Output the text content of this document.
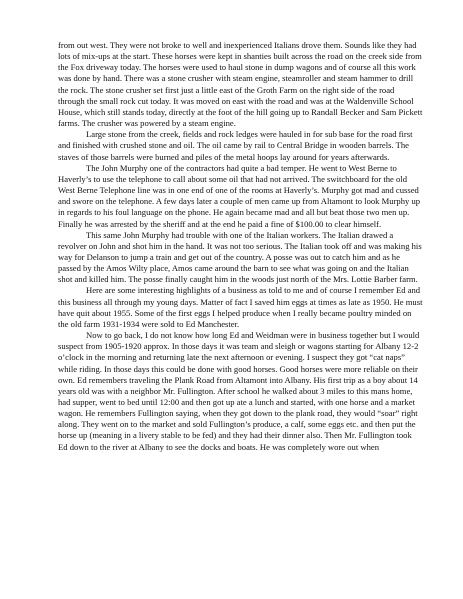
from out west. They were not broke to well and inexperienced Italians drove them. Sounds like they had lots of mix-ups at the start. These horses were kept in shanties built across the road on the creek side from the Fox driveway today. The horses were used to haul stone in dump wagons and of course all this work was done by hand. There was a stone crusher with steam engine, steamroller and steam hammer to drill the rock. The stone crusher set first just a little east of the Groth Farm on the right side of the road through the small rock cut today. It was moved on east with the road and was at the Waldenville School House, which still stands today, directly at the foot of the hill going up to Randall Becker and Sam Pickett farms. The crusher was powered by a steam engine.

Large stone from the creek, fields and rock ledges were hauled in for sub base for the road first and finished with crushed stone and oil. The oil came by rail to Central Bridge in wooden barrels. The staves of those barrels were burned and piles of the metal hoops lay around for years afterwards.

The John Murphy one of the contractors had quite a bad temper. He went to West Berne to Haverly’s to use the telephone to call about some oil that had not arrived. The switchboard for the old West Berne Telephone line was in one end of one of the rooms at Haverly’s. Murphy got mad and cussed and swore on the telephone. A few days later a couple of men came up from Altamont to look Murphy up in regards to his foul language on the phone. He again became mad and all but beat those two men up. Finally he was arrested by the sheriff and at the end he paid a fine of $100.00 to clear himself.

This same John Murphy had trouble with one of the Italian workers. The Italian drawed a revolver on John and shot him in the hand. It was not too serious. The Italian took off and was making his way for Delanson to jump a train and get out of the country. A posse was out to catch him and as he passed by the Amos Wilty place, Amos came around the barn to see what was going on and the Italian shot and killed him. The posse finally caught him in the woods just north of the Mrs. Lottie Barber farm.

Here are some interesting highlights of a business as told to me and of course I remember Ed and this business all through my young days. Matter of fact I saved him eggs at times as late as 1950. He must have quit about 1955. Some of the first eggs I helped produce when I really became poultry minded on the old farm 1931-1934 were sold to Ed Manchester.

Now to go back, I do not know how long Ed and Weidman were in business together but I would suspect from 1905-1920 approx. In those days it was team and sleigh or wagons starting for Albany 12-2 o’clock in the morning and returning late the next afternoon or evening. I suspect they got “cat naps” while riding. In those days this could be done with good horses. Good horses were more reliable on their own. Ed remembers traveling the Plank Road from Altamont into Albany. His first trip as a boy about 14 years old was with a neighbor Mr. Fullington. After school he walked about 3 miles to this mans home, had supper, went to bed until 12:00 and then got up ate a lunch and started, with one horse and a market wagon. He remembers Fullington saying, when they got down to the plank road, they would “soar” right along. They went on to the market and sold Fullington’s produce, a calf, some eggs etc. and then put the horse up (meaning in a livery stable to be fed) and they had their dinner also. Then Mr. Fullington took Ed down to the river at Albany to see the docks and boats. He was completely wore out when
